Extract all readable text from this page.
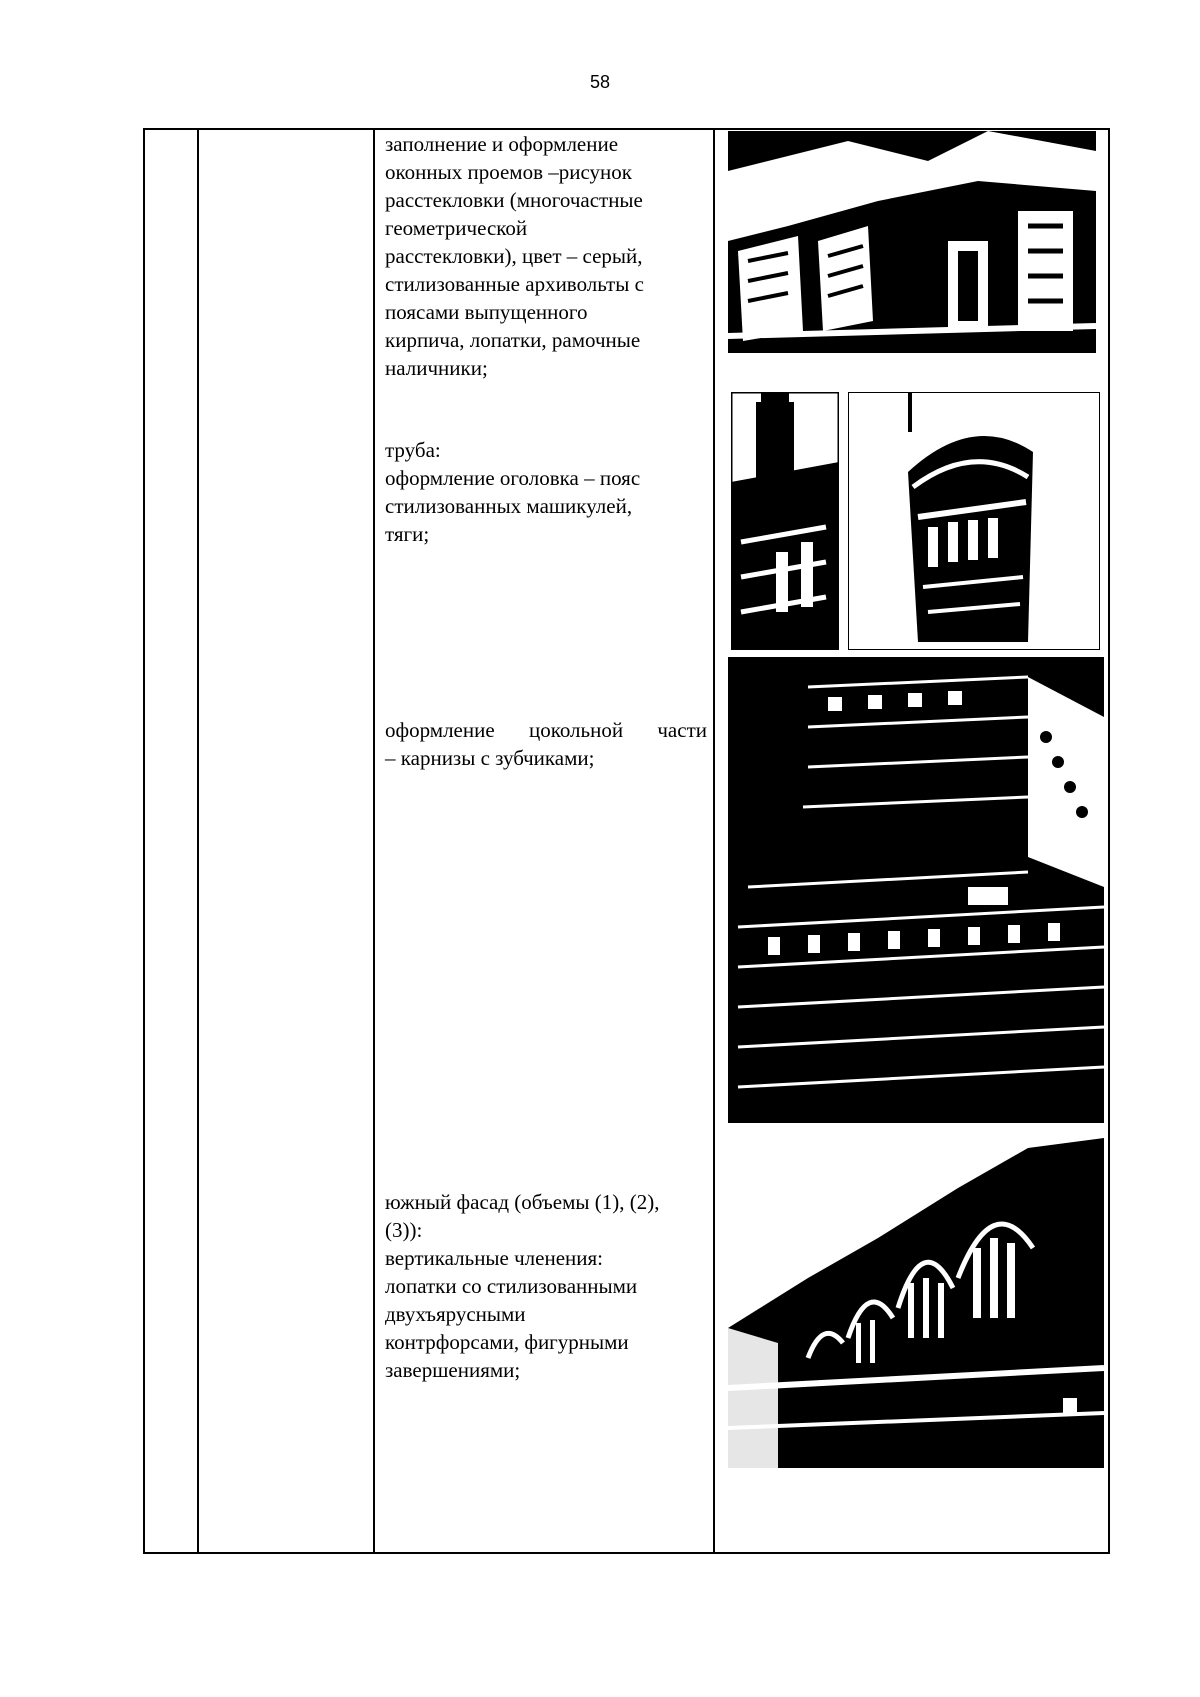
58
заполнение и оформление
оконных проемов –рисунок
расстекловки (многочастные
геометрической
расстекловки), цвет – серый,
стилизованные архивольты с
поясами выпущенного
кирпича, лопатки, рамочные
наличники;
труба:
оформление оголовка – пояс
стилизованных машикулей,
тяги;
оформление цокольной части
– карнизы с зубчиками;
южный фасад (объемы (1), (2),
(3)):
вертикальные членения:
лопатки со стилизованными
двухъярусными
контрфорсами, фигурными
завершениями;
